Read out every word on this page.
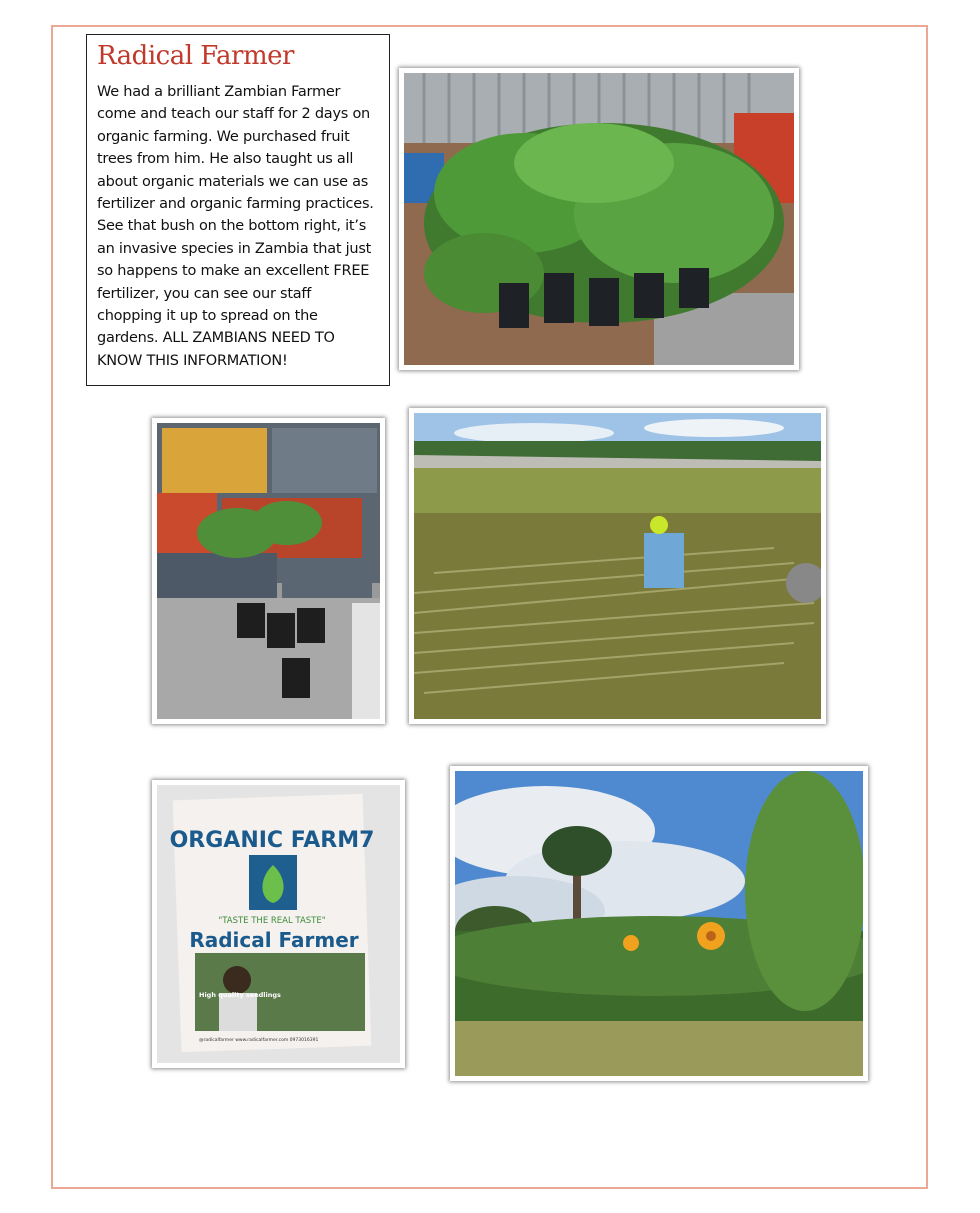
Radical Farmer

We had a brilliant Zambian Farmer come and teach our staff for 2 days on organic farming. We purchased fruit trees from him. He also taught us all about organic materials we can use as fertilizer and organic farming practices. See that bush on the bottom right, it’s an invasive species in Zambia that just so happens to make an excellent FREE fertilizer, you can see our staff chopping it up to spread on the gardens. ALL ZAMBIANS NEED TO KNOW THIS INFORMATION!

ORGANIC FARM7
"TASTE THE REAL TASTE"
Radical Farmer
High quality seedlings
@radicalfarmer www.radicalfarmer.com 0973016391
